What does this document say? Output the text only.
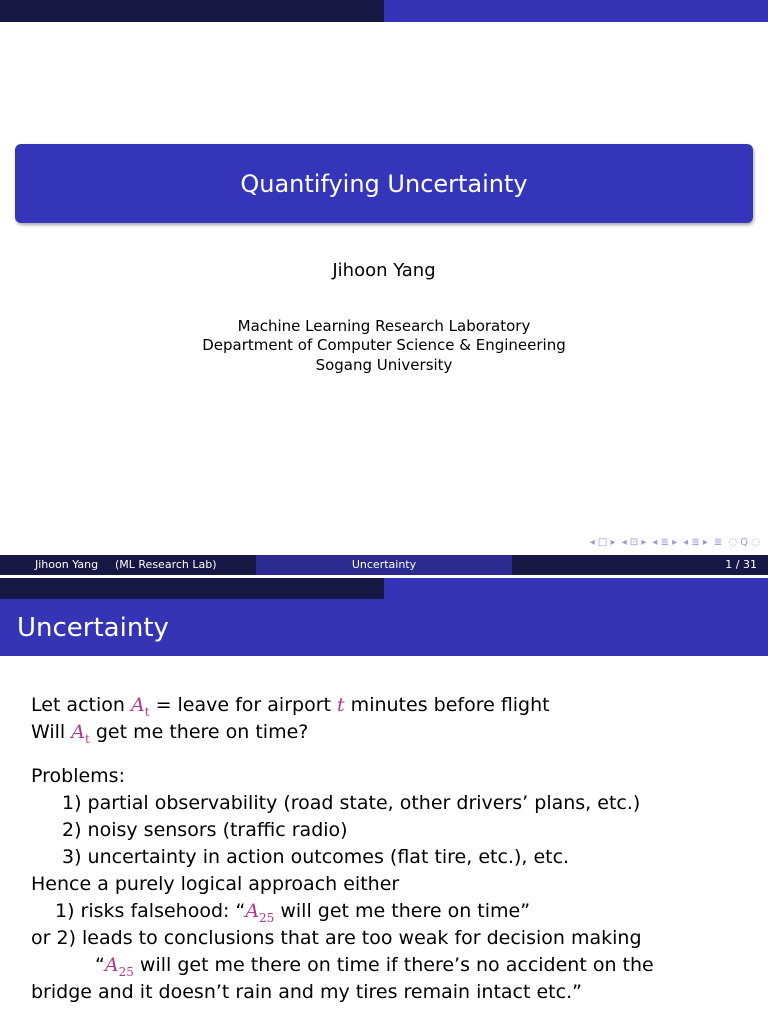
Quantifying Uncertainty
Jihoon Yang
Machine Learning Research Laboratory
Department of Computer Science & Engineering
Sogang University
◂ □ ▸ ◂ ⊡ ▸ ◂ ≣ ▸ ◂ ≣ ▸ ≣ ◌ Q ◌
Jihoon Yang (ML Research Lab)	Uncertainty	1 / 31
Uncertainty
Let action $A_t$ = leave for airport t minutes before flight
Will $A_t$ get me there on time?
Problems:
1) partial observability (road state, other drivers’ plans, etc.)
2) noisy sensors (traffic radio)
3) uncertainty in action outcomes (flat tire, etc.), etc.
Hence a purely logical approach either
1) risks falsehood: “$A_{25}$ will get me there on time”
or 2) leads to conclusions that are too weak for decision making
“$A_{25}$ will get me there on time if there’s no accident on the
bridge and it doesn’t rain and my tires remain intact etc.”
